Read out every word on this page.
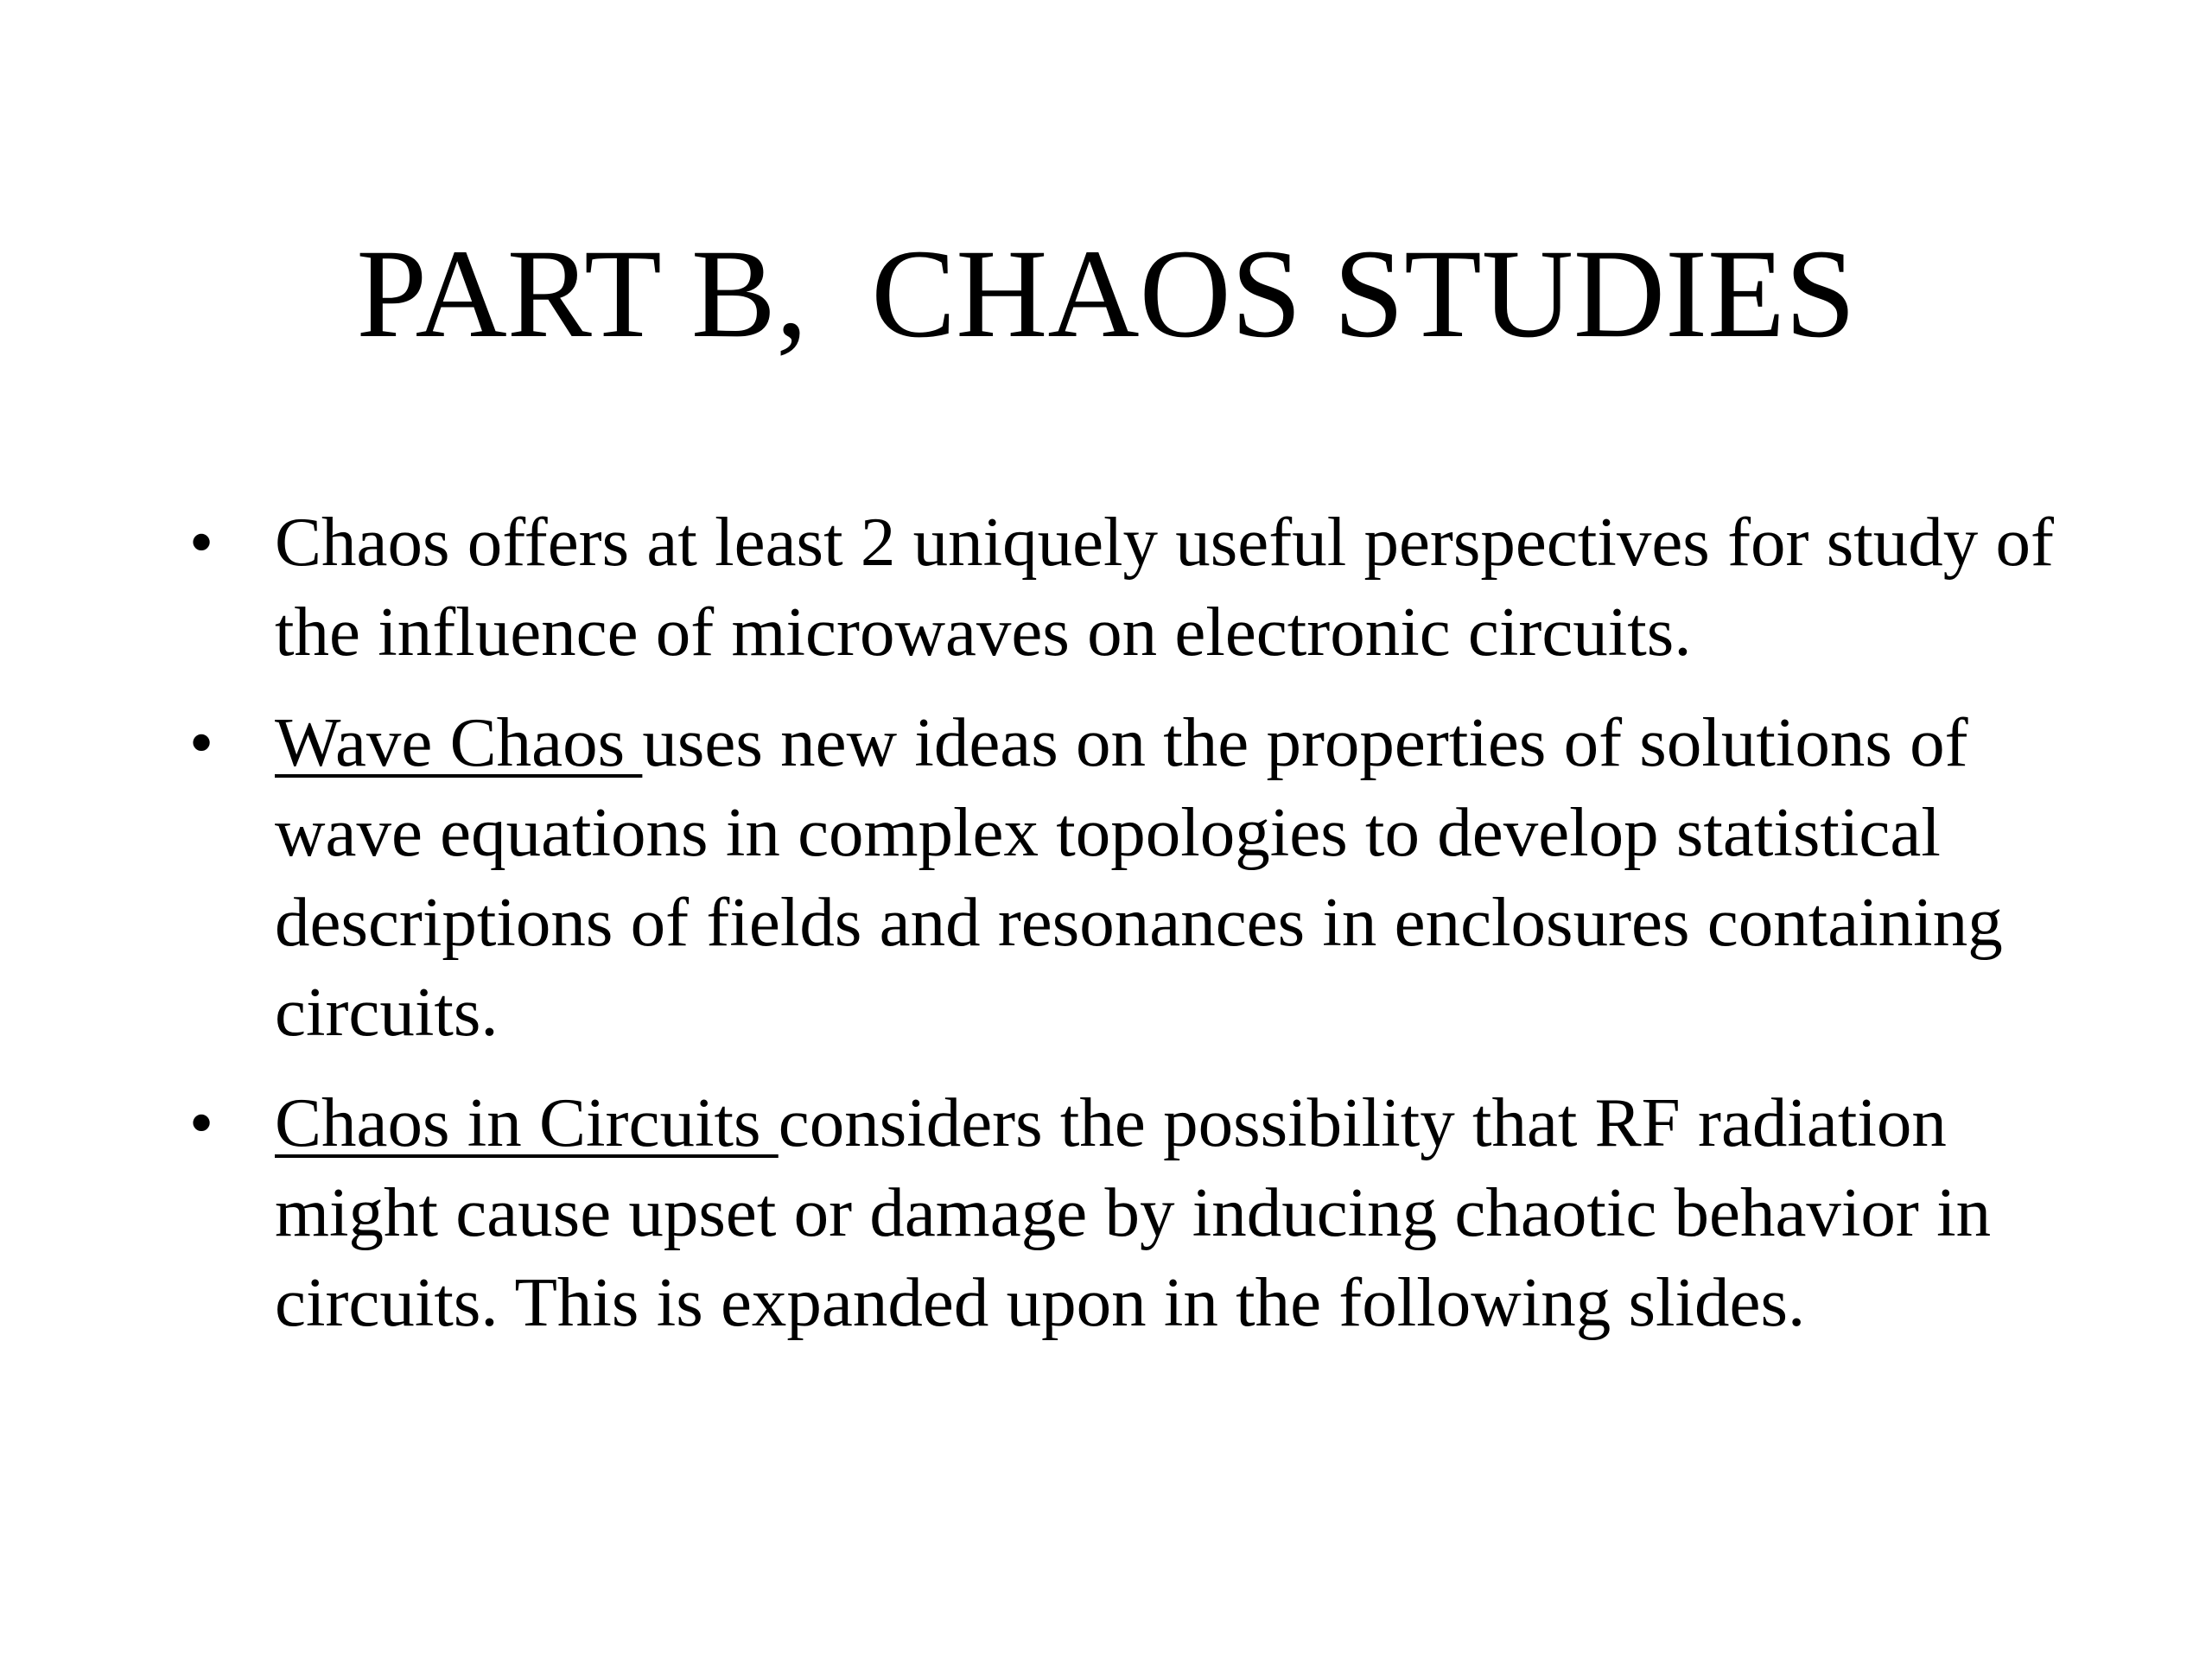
PART B,  CHAOS STUDIES
• Chaos offers at least 2 uniquely useful perspectives for study of the influence of microwaves on electronic circuits.
• Wave Chaos uses new ideas on the properties of solutions of wave equations in complex topologies to develop statistical descriptions of fields and resonances in enclosures containing circuits.
• Chaos in Circuits considers the possibility that RF radiation might cause upset or damage by inducing chaotic behavior in circuits. This is expanded upon in the following slides.
